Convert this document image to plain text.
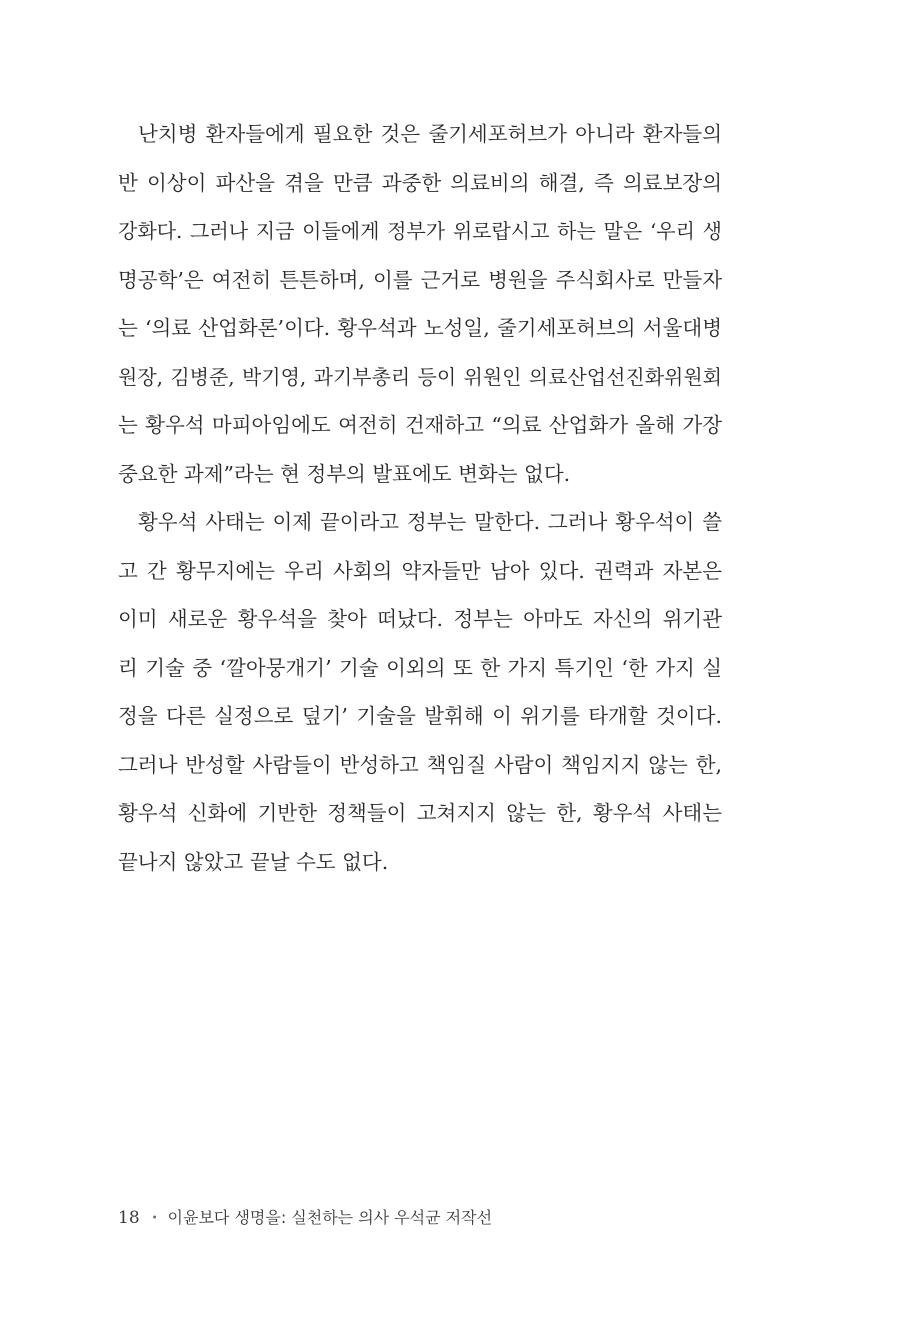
난치병 환자들에게 필요한 것은 줄기세포허브가 아니라 환자들의
반 이상이 파산을 겪을 만큼 과중한 의료비의 해결, 즉 의료보장의
강화다. 그러나 지금 이들에게 정부가 위로랍시고 하는 말은 ‘우리 생
명공학’은 여전히 튼튼하며, 이를 근거로 병원을 주식회사로 만들자
는 ‘의료 산업화론’이다. 황우석과 노성일, 줄기세포허브의 서울대병
원장, 김병준, 박기영, 과기부총리 등이 위원인 의료산업선진화위원회
는 황우석 마피아임에도 여전히 건재하고 “의료 산업화가 올해 가장
중요한 과제”라는 현 정부의 발표에도 변화는 없다.

황우석 사태는 이제 끝이라고 정부는 말한다. 그러나 황우석이 쓸
고 간 황무지에는 우리 사회의 약자들만 남아 있다. 권력과 자본은
이미 새로운 황우석을 찾아 떠났다. 정부는 아마도 자신의 위기관
리 기술 중 ‘깔아뭉개기’ 기술 이외의 또 한 가지 특기인 ‘한 가지 실
정을 다른 실정으로 덮기’ 기술을 발휘해 이 위기를 타개할 것이다.
그러나 반성할 사람들이 반성하고 책임질 사람이 책임지지 않는 한,
황우석 신화에 기반한 정책들이 고쳐지지 않는 한, 황우석 사태는
끝나지 않았고 끝날 수도 없다.

18 • 이윤보다 생명을: 실천하는 의사 우석균 저작선
